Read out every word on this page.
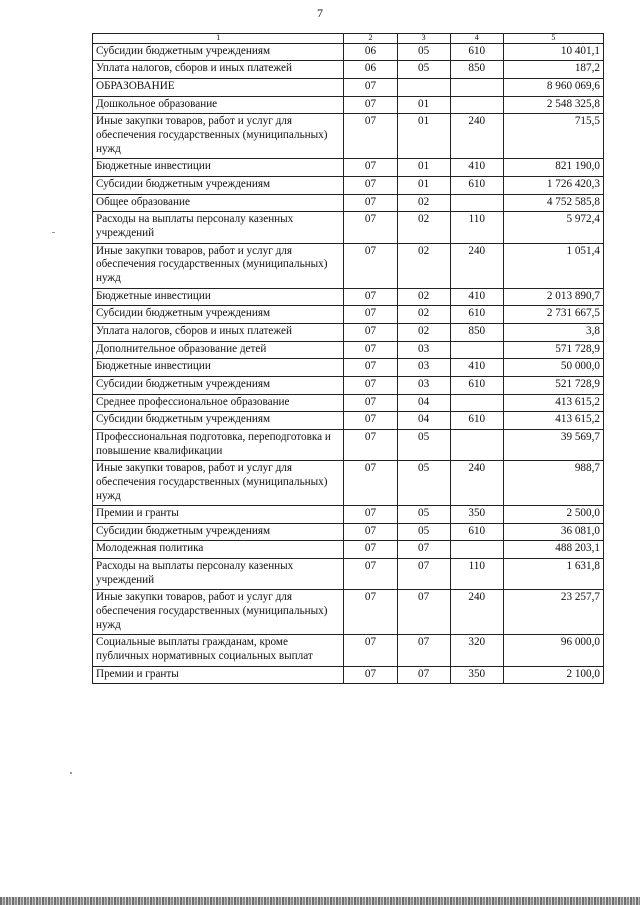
7
1	2	3	4	5
Субсидии бюджетным учреждениям	06	05	610	10 401,1
Уплата налогов, сборов и иных платежей	06	05	850	187,2
ОБРАЗОВАНИЕ	07			8 960 069,6
Дошкольное образование	07	01		2 548 325,8
Иные закупки товаров, работ и услуг для обеспечения государственных (муниципальных) нужд	07	01	240	715,5
Бюджетные инвестиции	07	01	410	821 190,0
Субсидии бюджетным учреждениям	07	01	610	1 726 420,3
Общее образование	07	02		4 752 585,8
Расходы на выплаты персоналу казенных учреждений	07	02	110	5 972,4
Иные закупки товаров, работ и услуг для обеспечения государственных (муниципальных) нужд	07	02	240	1 051,4
Бюджетные инвестиции	07	02	410	2 013 890,7
Субсидии бюджетным учреждениям	07	02	610	2 731 667,5
Уплата налогов, сборов и иных платежей	07	02	850	3,8
Дополнительное образование детей	07	03		571 728,9
Бюджетные инвестиции	07	03	410	50 000,0
Субсидии бюджетным учреждениям	07	03	610	521 728,9
Среднее профессиональное образование	07	04		413 615,2
Субсидии бюджетным учреждениям	07	04	610	413 615,2
Профессиональная подготовка, переподготовка и повышение квалификации	07	05		39 569,7
Иные закупки товаров, работ и услуг для обеспечения государственных (муниципальных) нужд	07	05	240	988,7
Премии и гранты	07	05	350	2 500,0
Субсидии бюджетным учреждениям	07	05	610	36 081,0
Молодежная политика	07	07		488 203,1
Расходы на выплаты персоналу казенных учреждений	07	07	110	1 631,8
Иные закупки товаров, работ и услуг для обеспечения государственных (муниципальных) нужд	07	07	240	23 257,7
Социальные выплаты гражданам, кроме публичных нормативных социальных выплат	07	07	320	96 000,0
Премии и гранты	07	07	350	2 100,0
